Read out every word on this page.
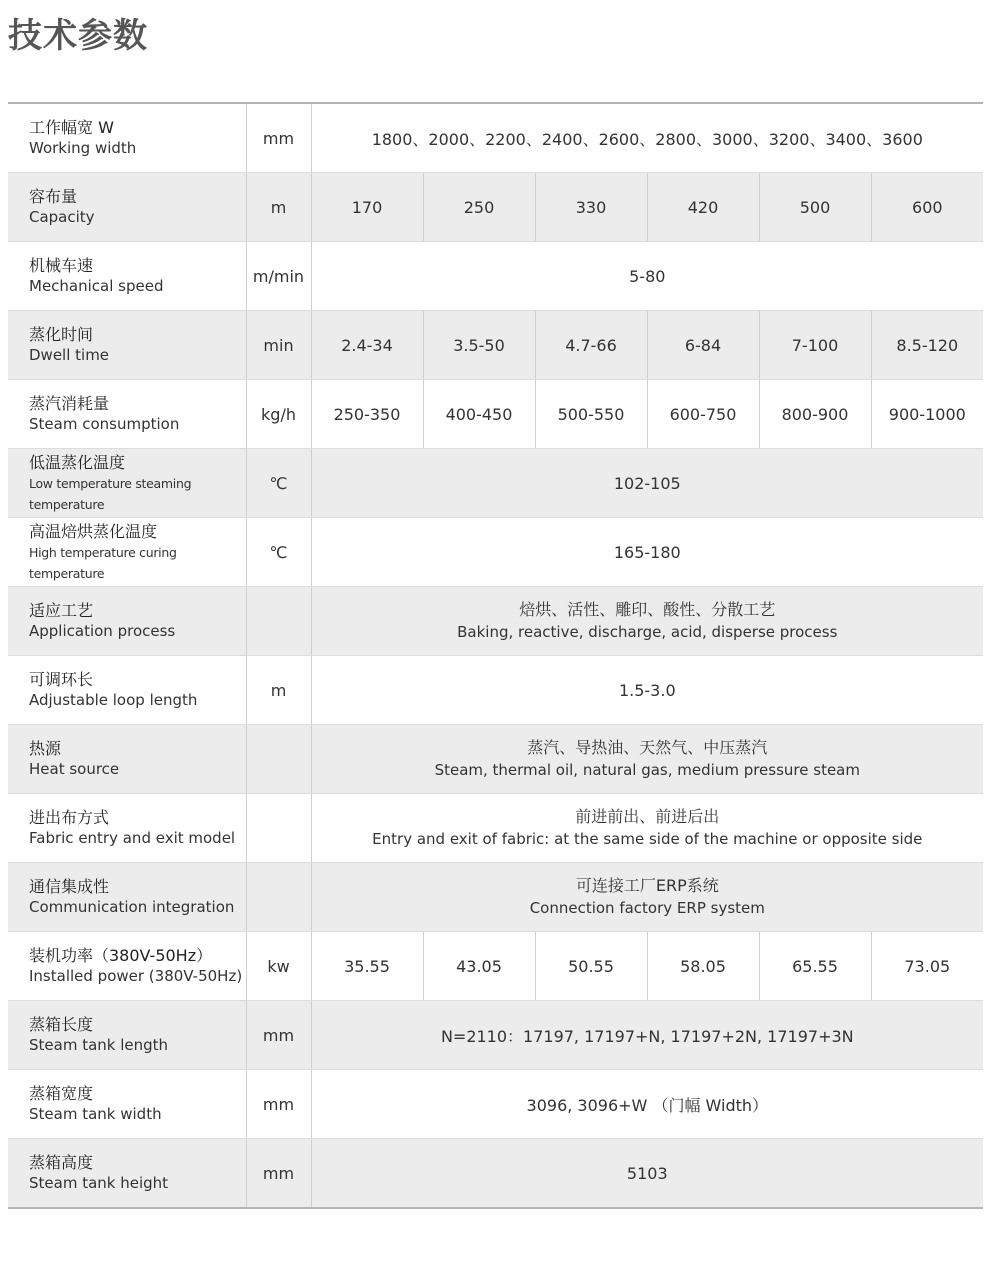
技术参数
工作幅宽 W
Working width	mm	1800、2000、2200、2400、2600、2800、3000、3200、3400、3600					

容布量
Capacity	m	170	250	330	420	500	600

机械车速
Mechanical speed	m/min	5-80					

蒸化时间
Dwell time	min	2.4-34	3.5-50	4.7-66	6-84	7-100	8.5-120

蒸汽消耗量
Steam consumption	kg/h	250-350	400-450	500-550	600-750	800-900	900-1000

低温蒸化温度
Low temperature steaming temperature	℃	102-105					

高温焙烘蒸化温度
High temperature curing temperature	℃	165-180					

适应工艺
Application process		焙烘、活性、雕印、酸性、分散工艺
Baking, reactive, discharge, acid, disperse process					

可调环长
Adjustable loop length	m	1.5-3.0					

热源
Heat source		蒸汽、导热油、天然气、中压蒸汽
Steam, thermal oil, natural gas, medium pressure steam					

进出布方式
Fabric entry and exit model		前进前出、前进后出
Entry and exit of fabric: at the same side of the machine or opposite side					

通信集成性
Communication integration		可连接工厂ERP系统
Connection factory ERP system					

装机功率（380V-50Hz）
Installed power (380V-50Hz)	kw	35.55	43.05	50.55	58.05	65.55	73.05

蒸箱长度
Steam tank length	mm	N=2110：17197, 17197+N, 17197+2N, 17197+3N					

蒸箱宽度
Steam tank width	mm	3096, 3096+W （门幅 Width）					

蒸箱高度
Steam tank height	mm	5103					
